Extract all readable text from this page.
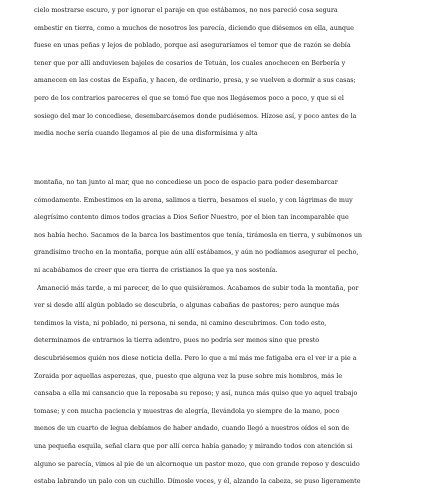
cielo mostrarse escuro, y por ignorar el paraje en que estábamos, no nos pareció cosa segura
embestir en tierra, como a muchos de nosotros les parecía, diciendo que diésemos en ella, aunque
fuese en unas peñas y lejos de poblado, porque así aseguraríamos el temor que de razón se debía
tener que por allí anduviesen bajeles de cosarios de Tetuán, los cuales anochecen en Berbería y
amanecen en las costas de España, y hacen, de ordinario, presa, y se vuelven a dormir a sus casas;
pero de los contrarios pareceres el que se tomó fue que nos llegásemos poco a poco, y que si el
sosiego del mar lo concediese, desembarcásemos donde pudiésemos. Hízose así, y poco antes de la
media noche sería cuando llegamos al pie de una disformísima y alta
montaña, no tan junto al mar, que no concediese un poco de espacio para poder desembarcar
cómodamente. Embestimos en la arena, salimos a tierra, besamos el suelo, y con lágrimas de muy
alegrísimo contento dimos todos gracias a Dios Señor Nuestro, por el bien tan incomparable que
nos había hecho. Sacamos de la barca los bastimentos que tenía, tirámosla en tierra, y subímonos un
grandísimo trecho en la montaña, porque aún allí estábamos, y aún no podíamos asegurar el pecho,
ni acabábamos de creer que era tierra de cristianos la que ya nos sostenía.
Amaneció más tarde, a mi parecer, de lo que quisiéramos. Acabamos de subir toda la montaña, por
ver si desde allí algún poblado se descubría, o algunas cabañas de pastores; pero aunque más
tendimos la vista, ni poblado, ni persona, ni senda, ni camino descubrimos. Con todo esto,
determinamos de entrarnos la tierra adentro, pues no podría ser menos sino que presto
descubriésemos quién nos diese noticia della. Pero lo que a mí más me fatigaba era el ver ir a pie a
Zoraida por aquellas asperezas, que, puesto que alguna vez la puse sobre mis hombros, más le
cansaba a ella mi cansancio que la reposaba su reposo; y así, nunca más quiso que yo aquel trabajo
tomase; y con mucha paciencia y muestras de alegría, llevándola yo siempre de la mano, poco
menos de un cuarto de legua debíamos de haber andado, cuando llegó a nuestros oídos el son de
una pequeña esquila, señal clara que por allí cerca había ganado; y mirando todos con atención si
alguno se parecía, vimos al pie de un alcornoque un pastor mozo, que con grande reposo y descuido
estaba labrando un palo con un cuchillo. Dímosle voces, y él, alzando la cabeza, se puso ligeramente
